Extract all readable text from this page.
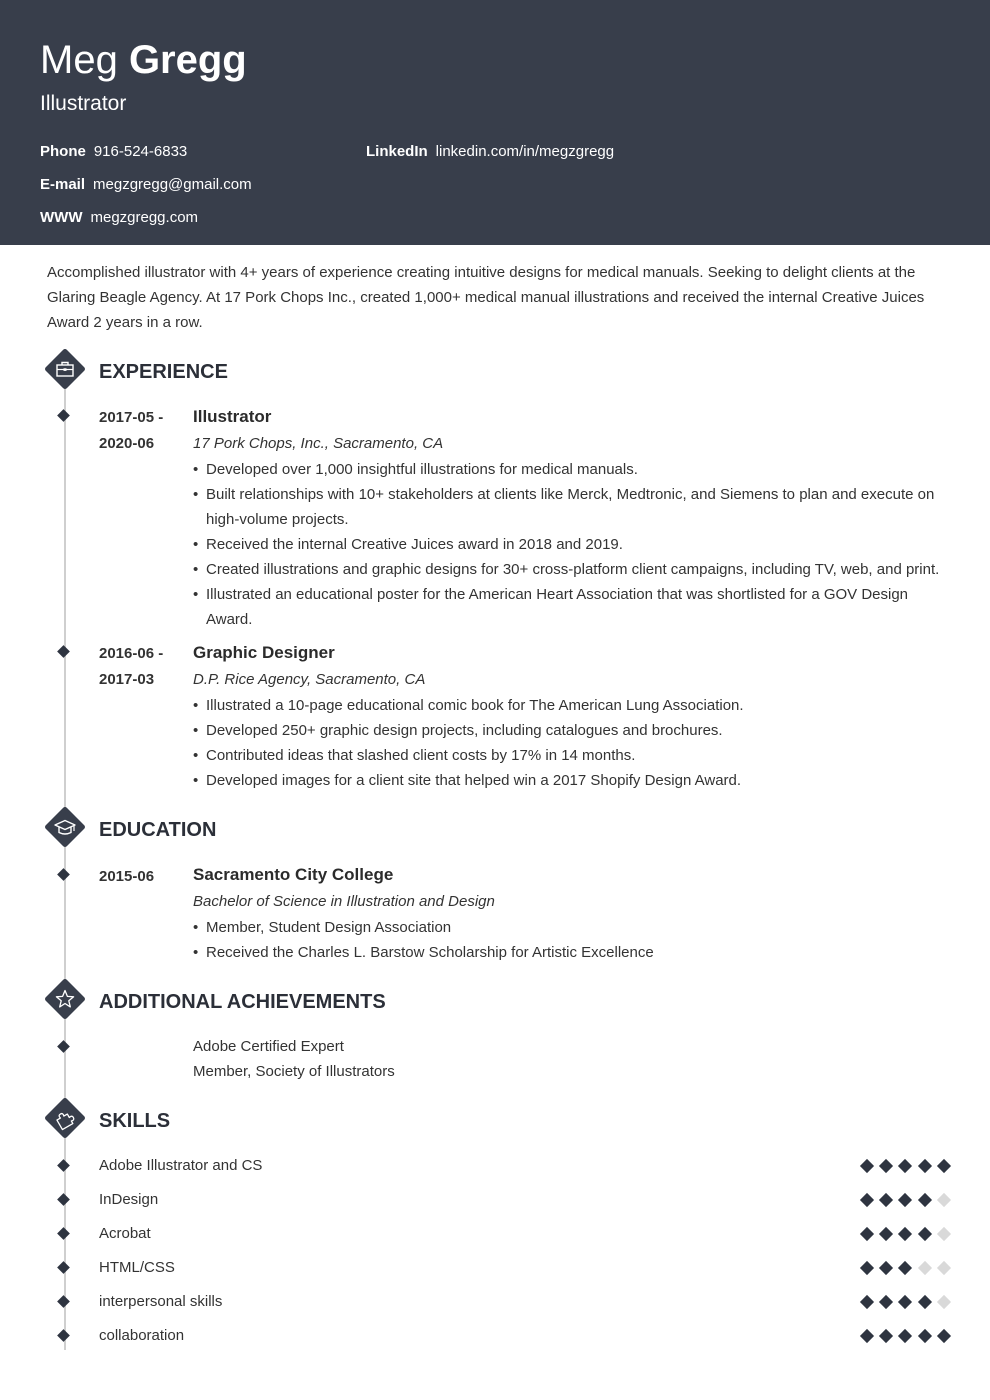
Meg Gregg
Illustrator
Phone 916-524-6833
E-mail megzgregg@gmail.com
WWW megzgregg.com
LinkedIn linkedin.com/in/megzgregg

Accomplished illustrator with 4+ years of experience creating intuitive designs for medical manuals. Seeking to delight clients at the Glaring Beagle Agency. At 17 Pork Chops Inc., created 1,000+ medical manual illustrations and received the internal Creative Juices Award 2 years in a row.

EXPERIENCE
2017-05 -
2020-06
Illustrator
17 Pork Chops, Inc., Sacramento, CA
• Developed over 1,000 insightful illustrations for medical manuals.
• Built relationships with 10+ stakeholders at clients like Merck, Medtronic, and Siemens to plan and execute on high-volume projects.
• Received the internal Creative Juices award in 2018 and 2019.
• Created illustrations and graphic designs for 30+ cross-platform client campaigns, including TV, web, and print.
• Illustrated an educational poster for the American Heart Association that was shortlisted for a GOV Design Award.
2016-06 -
2017-03
Graphic Designer
D.P. Rice Agency, Sacramento, CA
• Illustrated a 10-page educational comic book for The American Lung Association.
• Developed 250+ graphic design projects, including catalogues and brochures.
• Contributed ideas that slashed client costs by 17% in 14 months.
• Developed images for a client site that helped win a 2017 Shopify Design Award.
EDUCATION
2015-06 Sacramento City College
Bachelor of Science in Illustration and Design
• Member, Student Design Association
• Received the Charles L. Barstow Scholarship for Artistic Excellence
ADDITIONAL ACHIEVEMENTS
Adobe Certified Expert
Member, Society of Illustrators
SKILLS
Adobe Illustrator and CS
InDesign
Acrobat
HTML/CSS
interpersonal skills
collaboration
